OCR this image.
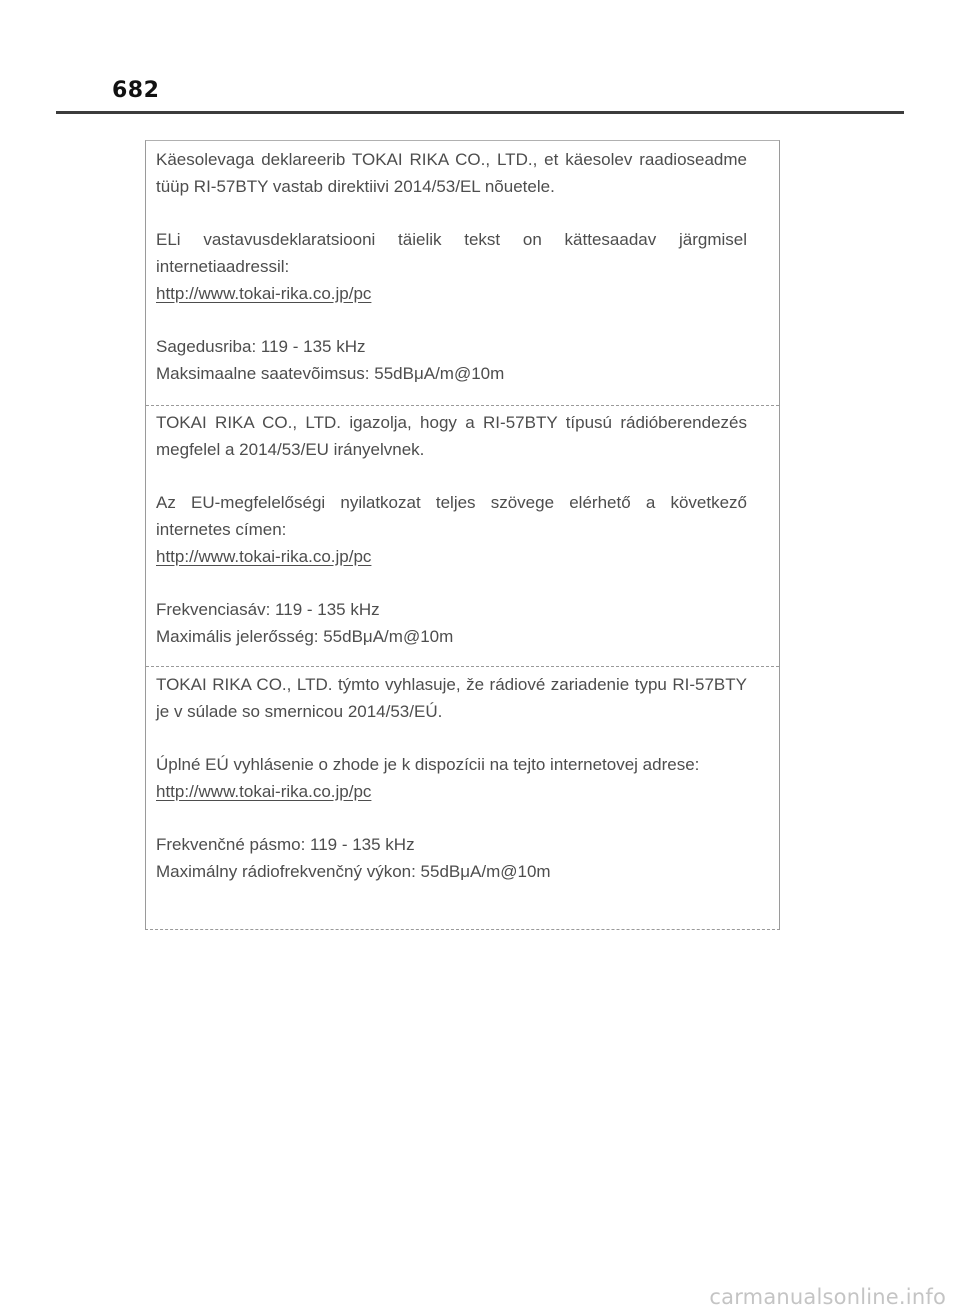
682

Käesolevaga deklareerib TOKAI RIKA CO., LTD., et käesolev raadioseadme tüüp RI-57BTY vastab direktiivi 2014/53/EL nõuetele.

ELi vastavusdeklaratsiooni täielik tekst on kättesaadav järgmisel internetiaadressil:

http://www.tokai-rika.co.jp/pc

Sagedusriba: 119 - 135 kHz

Maksimaalne saatevõimsus: 55dBμA/m@10m

TOKAI RIKA CO., LTD. igazolja, hogy a RI-57BTY típusú rádióberendezés megfelel a 2014/53/EU irányelvnek.

Az EU-megfelelőségi nyilatkozat teljes szövege elérhető a következő internetes címen:

http://www.tokai-rika.co.jp/pc

Frekvenciasáv: 119 - 135 kHz

Maximális jelerősség: 55dBμA/m@10m

TOKAI RIKA CO., LTD. týmto vyhlasuje, že rádiové zariadenie typu RI-57BTY je v súlade so smernicou 2014/53/EÚ.

Úplné EÚ vyhlásenie o zhode je k dispozícii na tejto internetovej adrese:

http://www.tokai-rika.co.jp/pc

Frekvenčné pásmo: 119 - 135 kHz

Maximálny rádiofrekvenčný výkon: 55dBμA/m@10m

carmanualsonline.info
